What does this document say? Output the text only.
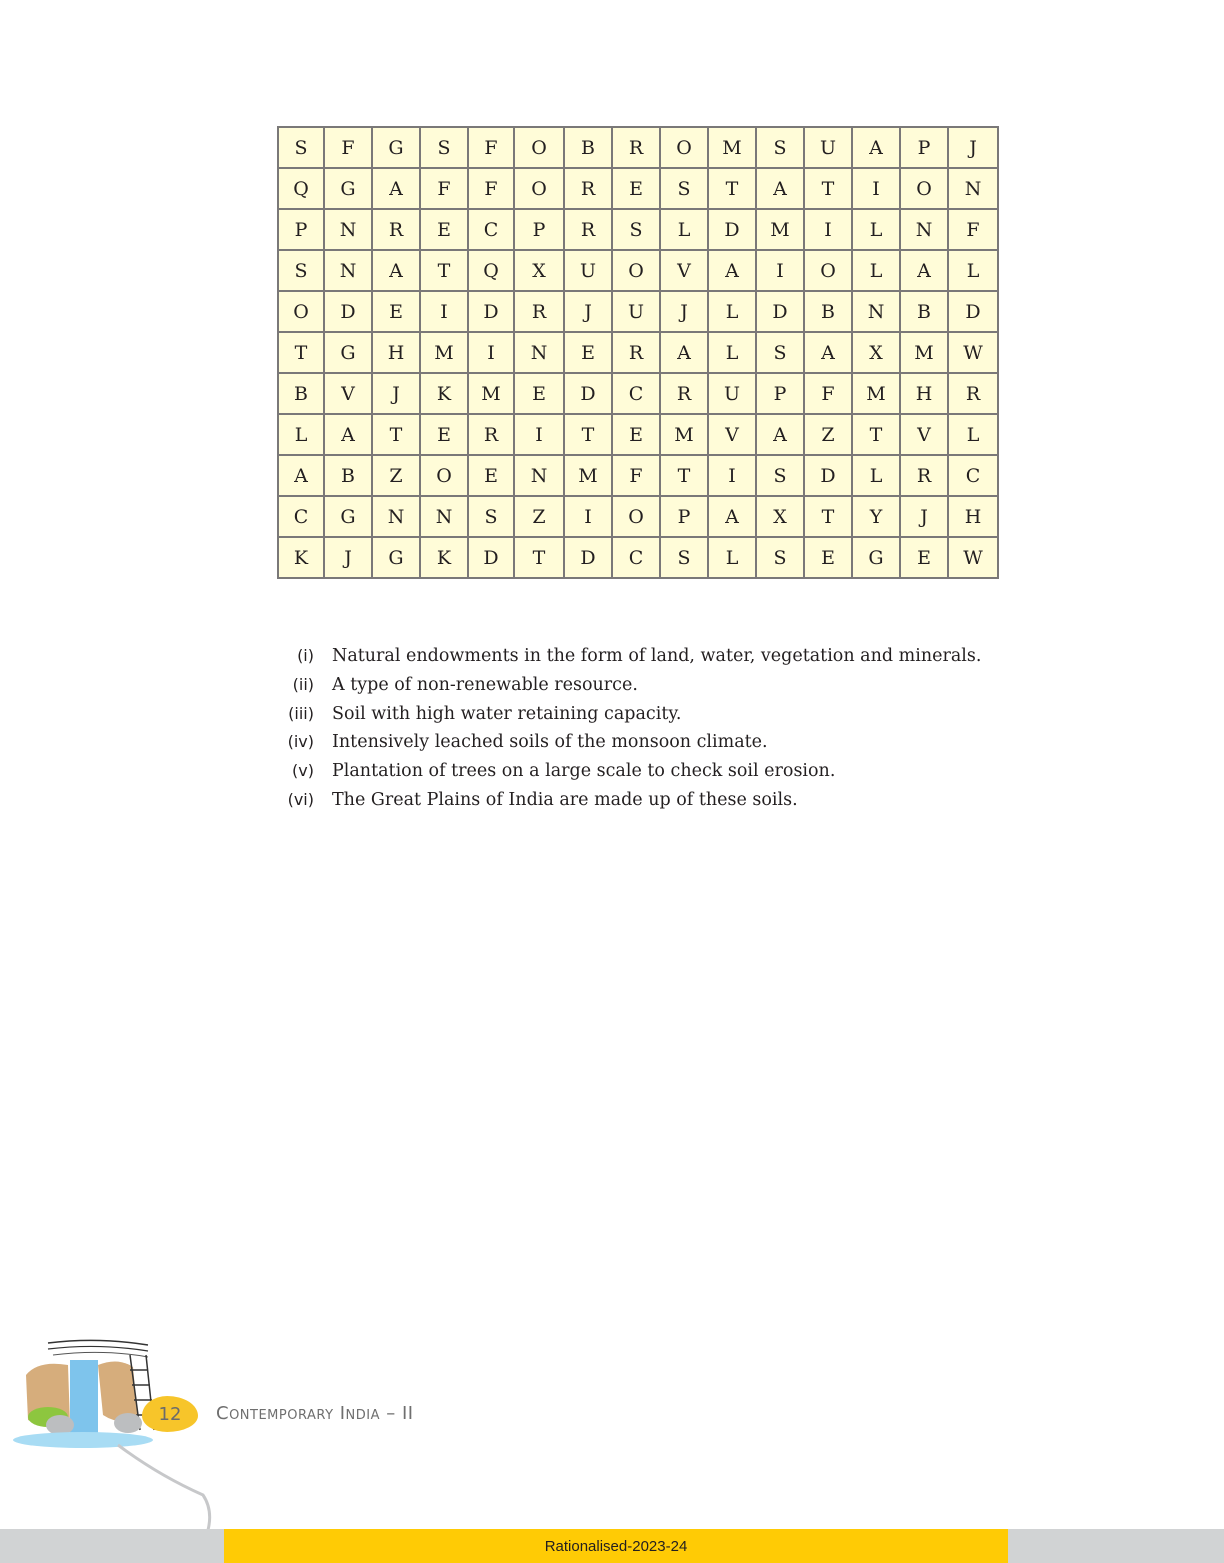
S	F	G	S	F	O	B	R	O	M	S	U	A	P	J
Q	G	A	F	F	O	R	E	S	T	A	T	I	O	N
P	N	R	E	C	P	R	S	L	D	M	I	L	N	F
S	N	A	T	Q	X	U	O	V	A	I	O	L	A	L
O	D	E	I	D	R	J	U	J	L	D	B	N	B	D
T	G	H	M	I	N	E	R	A	L	S	A	X	M	W
B	V	J	K	M	E	D	C	R	U	P	F	M	H	R
L	A	T	E	R	I	T	E	M	V	A	Z	T	V	L
A	B	Z	O	E	N	M	F	T	I	S	D	L	R	C
C	G	N	N	S	Z	I	O	P	A	X	T	Y	J	H
K	J	G	K	D	T	D	C	S	L	S	E	G	E	W
(i) Natural endowments in the form of land, water, vegetation and minerals.
(ii) A type of non-renewable resource.
(iii) Soil with high water retaining capacity.
(iv) Intensively leached soils of the monsoon climate.
(v) Plantation of trees on a large scale to check soil erosion.
(vi) The Great Plains of India are made up of these soils.
12	Contemporary India – II
Rationalised-2023-24
